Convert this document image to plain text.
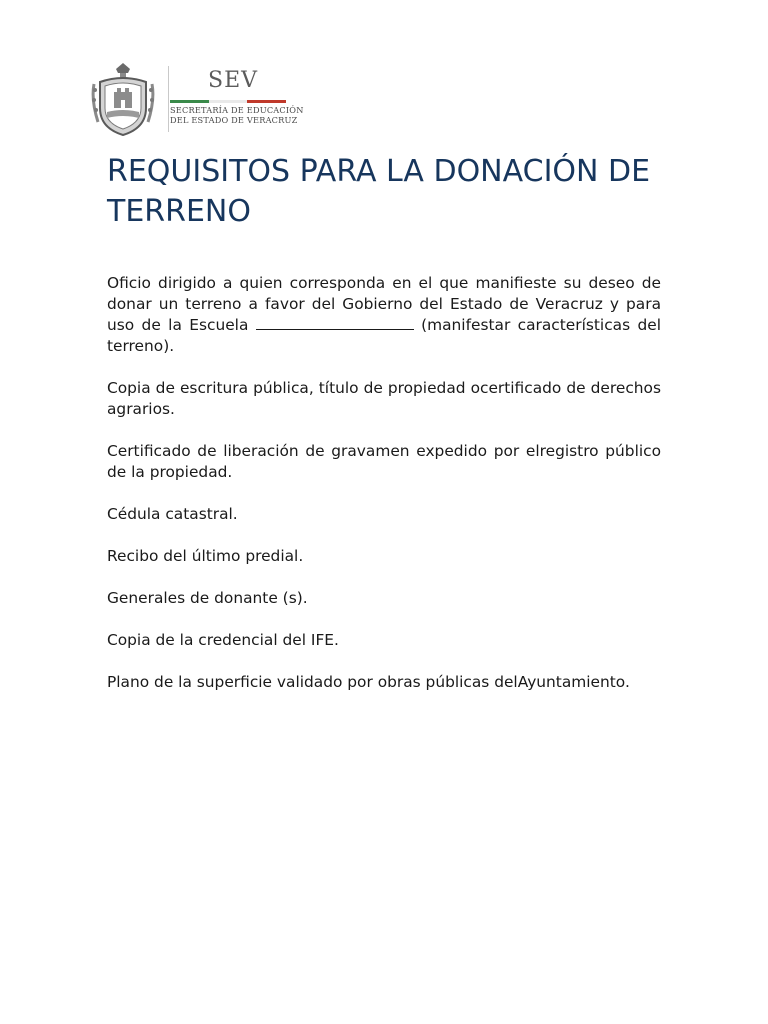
SEV
SECRETARÍA DE EDUCACIÓN
DEL ESTADO DE VERACRUZ
REQUISITOS PARA LA DONACIÓN DE TERRENO

Oficio dirigido a quien corresponda en el que manifieste su deseo de donar un terreno a favor del Gobierno del Estado de Veracruz y para uso de la Escuela	(manifestar características del terreno).

Copia de escritura pública, título de propiedad ocertificado de derechos agrarios.

Certificado de liberación de gravamen expedido por elregistro público de la propiedad.

Cédula catastral.

Recibo del último predial.

Generales de donante (s).

Copia de la credencial del IFE.

Plano de la superficie validado por obras públicas delAyuntamiento.
